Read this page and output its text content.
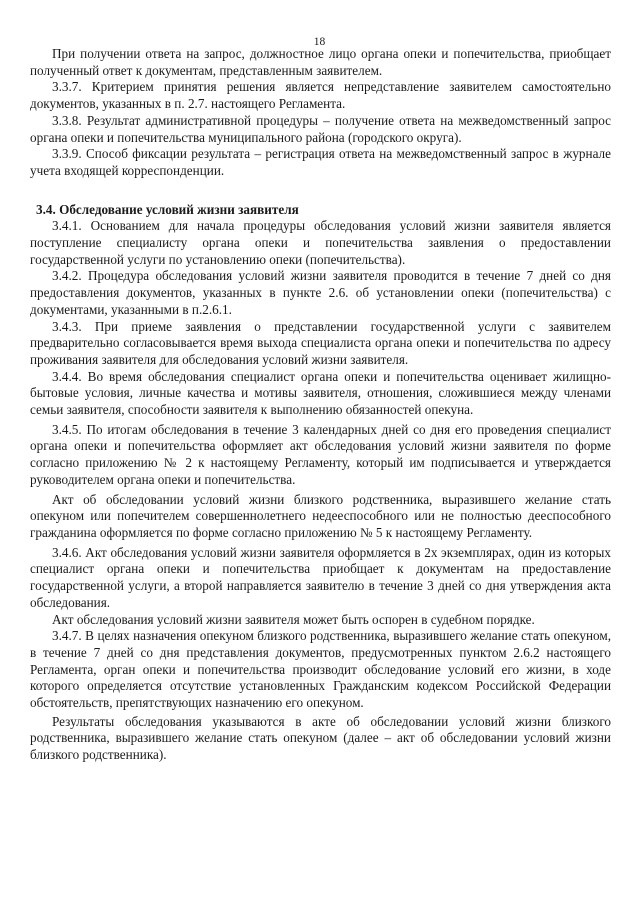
18

При получении ответа на запрос, должностное лицо органа опеки и попечительства, приобщает полученный ответ к документам, представленным заявителем.

3.3.7. Критерием принятия решения является непредставление заявителем самостоятельно документов, указанных в п. 2.7. настоящего Регламента.

3.3.8. Результат административной процедуры – получение ответа на межведомственный запрос органа опеки и попечительства муниципального района (городского округа).

3.3.9. Способ фиксации результата – регистрация ответа на межведомственный запрос в журнале учета входящей корреспонденции.

3.4. Обследование условий жизни заявителя

3.4.1. Основанием для начала процедуры обследования условий жизни заявителя является поступление специалисту органа опеки и попечительства заявления о предоставлении государственной услуги по установлению опеки (попечительства).

3.4.2. Процедура обследования условий жизни заявителя проводится в течение 7 дней со дня предоставления документов, указанных в пункте 2.6. об установлении опеки (попечительства) с документами, указанными в п.2.6.1.

3.4.3. При приеме заявления о представлении государственной услуги с заявителем предварительно согласовывается время выхода специалиста органа опеки и попечительства по адресу проживания заявителя для обследования условий жизни заявителя.

3.4.4. Во время обследования специалист органа опеки и попечительства оценивает жилищно-бытовые условия, личные качества и мотивы заявителя, отношения, сложившиеся между членами семьи заявителя, способности заявителя к выполнению обязанностей опекуна.

3.4.5. По итогам обследования в течение 3 календарных дней со дня его проведения специалист органа опеки и попечительства оформляет акт обследования условий жизни заявителя по форме согласно приложению № 2 к настоящему Регламенту, который им подписывается и утверждается руководителем органа опеки и попечительства.

Акт об обследовании условий жизни близкого родственника, выразившего желание стать опекуном или попечителем совершеннолетнего недееспособного или не полностью дееспособного гражданина оформляется по форме согласно приложению № 5 к настоящему Регламенту.

3.4.6. Акт обследования условий жизни заявителя оформляется в 2х экземплярах, один из которых специалист органа опеки и попечительства приобщает к документам на предоставление государственной услуги, а второй направляется заявителю в течение 3 дней со дня утверждения акта обследования.

Акт обследования условий жизни заявителя может быть оспорен в судебном порядке.

3.4.7. В целях назначения опекуном близкого родственника, выразившего желание стать опекуном, в течение 7 дней со дня представления документов, предусмотренных пунктом 2.6.2 настоящего Регламента, орган опеки и попечительства производит обследование условий его жизни, в ходе которого определяется отсутствие установленных Гражданским кодексом Российской Федерации обстоятельств, препятствующих назначению его опекуном.

Результаты обследования указываются в акте об обследовании условий жизни близкого родственника, выразившего желание стать опекуном (далее – акт об обследовании условий жизни близкого родственника).
